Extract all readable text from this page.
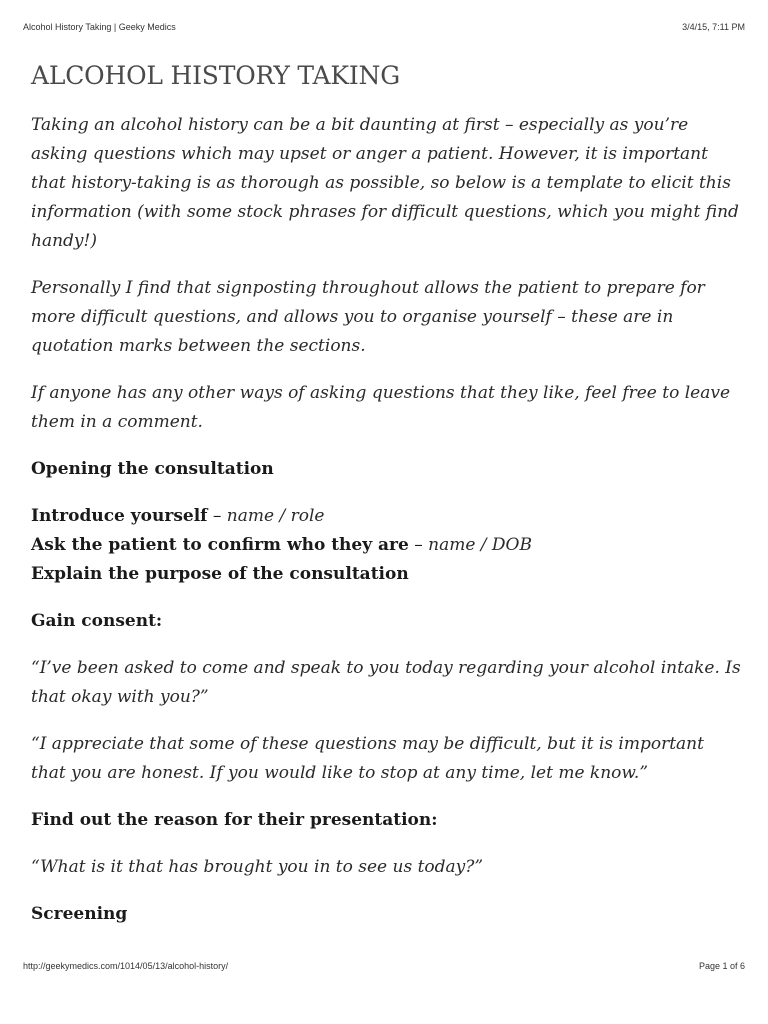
Alcohol History Taking | Geeky Medics	3/4/15, 7:11 PM
ALCOHOL HISTORY TAKING

Taking an alcohol history can be a bit daunting at first – especially as you’re asking questions which may upset or anger a patient. However, it is important that history-taking is as thorough as possible, so below is a template to elicit this information (with some stock phrases for difficult questions, which you might find handy!)

Personally I find that signposting throughout allows the patient to prepare for more difficult questions, and allows you to organise yourself – these are in quotation marks between the sections.

If anyone has any other ways of asking questions that they like, feel free to leave them in a comment.

Opening the consultation
Introduce yourself – name / role
Ask the patient to confirm who they are – name / DOB
Explain the purpose of the consultation
Gain consent:

“I’ve been asked to come and speak to you today regarding your alcohol intake. Is that okay with you?”

“I appreciate that some of these questions may be difficult, but it is important that you are honest. If you would like to stop at any time, let me know.”

Find out the reason for their presentation:

“What is it that has brought you in to see us today?”

Screening
http://geekymedics.com/1014/05/13/alcohol-history/	Page 1 of 6
